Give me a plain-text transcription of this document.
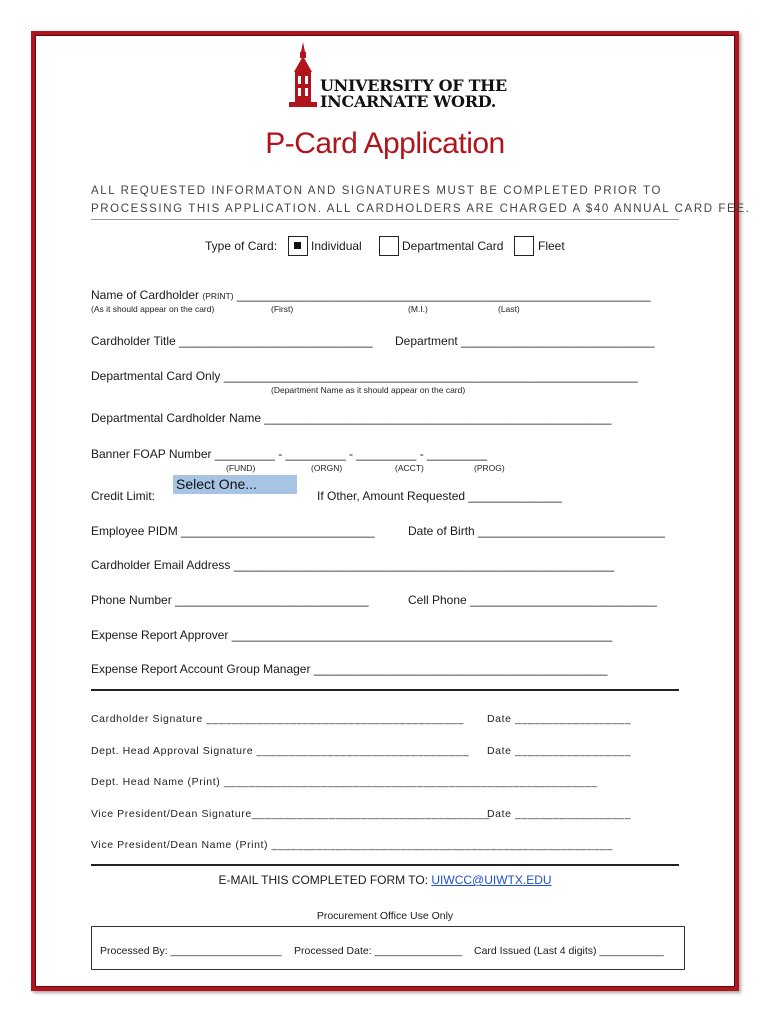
UNIVERSITY OF THE
INCARNATE WORD.
P-Card Application
ALL REQUESTED INFORMATON AND SIGNATURES MUST BE COMPLETED PRIOR TO
PROCESSING THIS APPLICATION. ALL CARDHOLDERS ARE CHARGED A $40 ANNUAL CARD FEE.
Type of Card:	Individual	Departmental Card	Fleet
Name of Cardholder (PRINT) ______________________________________________________________
(As it should appear on the card)	(First)	(M.I.)	(Last)
Cardholder Title _____________________________ Department _____________________________
Departmental Card Only ______________________________________________________________
(Department Name as it should appear on the card)
Departmental Cardholder Name ____________________________________________________
Banner FOAP Number _________ - _________ - _________ - _________
(FUND)	(ORGN)	(ACCT)	(PROG)
Credit Limit:
Select One...
If Other, Amount Requested ______________
Employee PIDM _____________________________	Date of Birth ____________________________
Cardholder Email Address _________________________________________________________
Phone Number _____________________________	Cell Phone ____________________________
Expense Report Approver _________________________________________________________
Expense Report Account Group Manager ____________________________________________
Cardholder Signature ________________________________________ Date __________________
Dept. Head Approval Signature _________________________________ Date __________________
Dept. Head Name (Print) __________________________________________________________
Vice President/Dean Signature_____________________________________
Date __________________
Vice President/Dean Name (Print) _____________________________________________________
E-MAIL THIS COMPLETED FORM TO: UIWCC@UIWTX.EDU
Procurement Office Use Only
Processed By: ___________________ Processed Date: _______________ Card Issued (Last 4 digits) ___________
